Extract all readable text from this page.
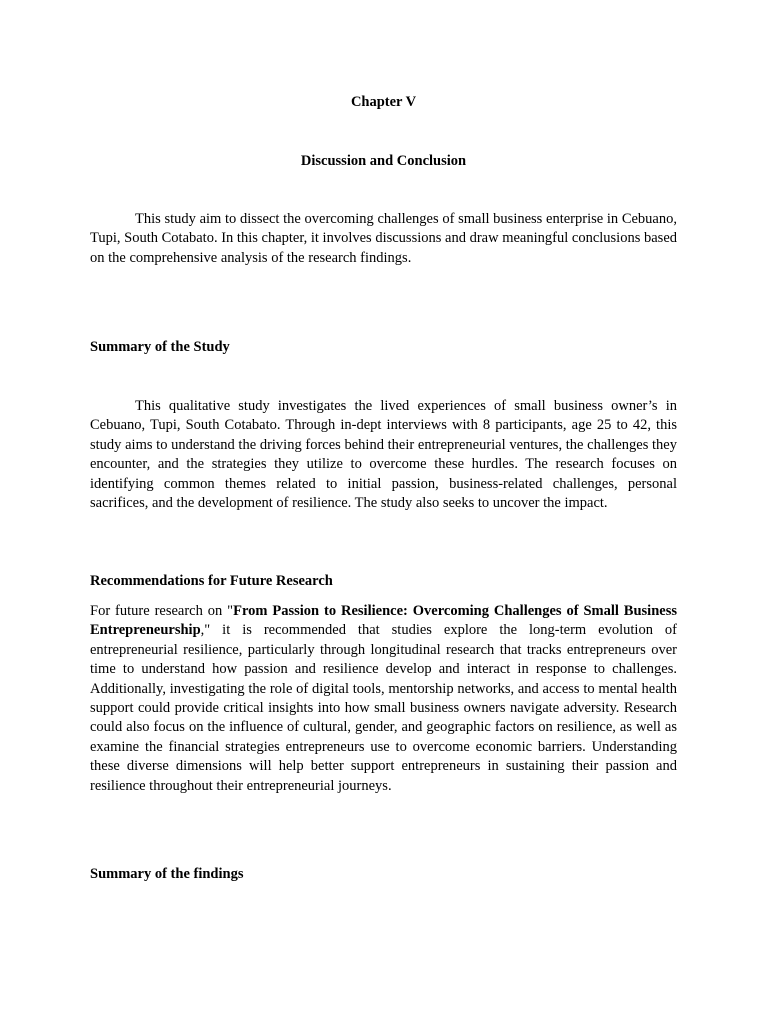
Chapter V

Discussion and Conclusion

This study aim to dissect the overcoming challenges of small business enterprise in Cebuano, Tupi, South Cotabato. In this chapter, it involves discussions and draw meaningful conclusions based on the comprehensive analysis of the research findings.

Summary of the Study

This qualitative study investigates the lived experiences of small business owner’s in Cebuano, Tupi, South Cotabato. Through in-dept interviews with 8 participants, age 25 to 42, this study aims to understand the driving forces behind their entrepreneurial ventures, the challenges they encounter, and the strategies they utilize to overcome these hurdles. The research focuses on identifying common themes related to initial passion, business-related challenges, personal sacrifices, and the development of resilience. The study also seeks to uncover the impact.

Recommendations for Future Research

For future research on "From Passion to Resilience: Overcoming Challenges of Small Business Entrepreneurship," it is recommended that studies explore the long-term evolution of entrepreneurial resilience, particularly through longitudinal research that tracks entrepreneurs over time to understand how passion and resilience develop and interact in response to challenges. Additionally, investigating the role of digital tools, mentorship networks, and access to mental health support could provide critical insights into how small business owners navigate adversity. Research could also focus on the influence of cultural, gender, and geographic factors on resilience, as well as examine the financial strategies entrepreneurs use to overcome economic barriers. Understanding these diverse dimensions will help better support entrepreneurs in sustaining their passion and resilience throughout their entrepreneurial journeys.

Summary of the findings
